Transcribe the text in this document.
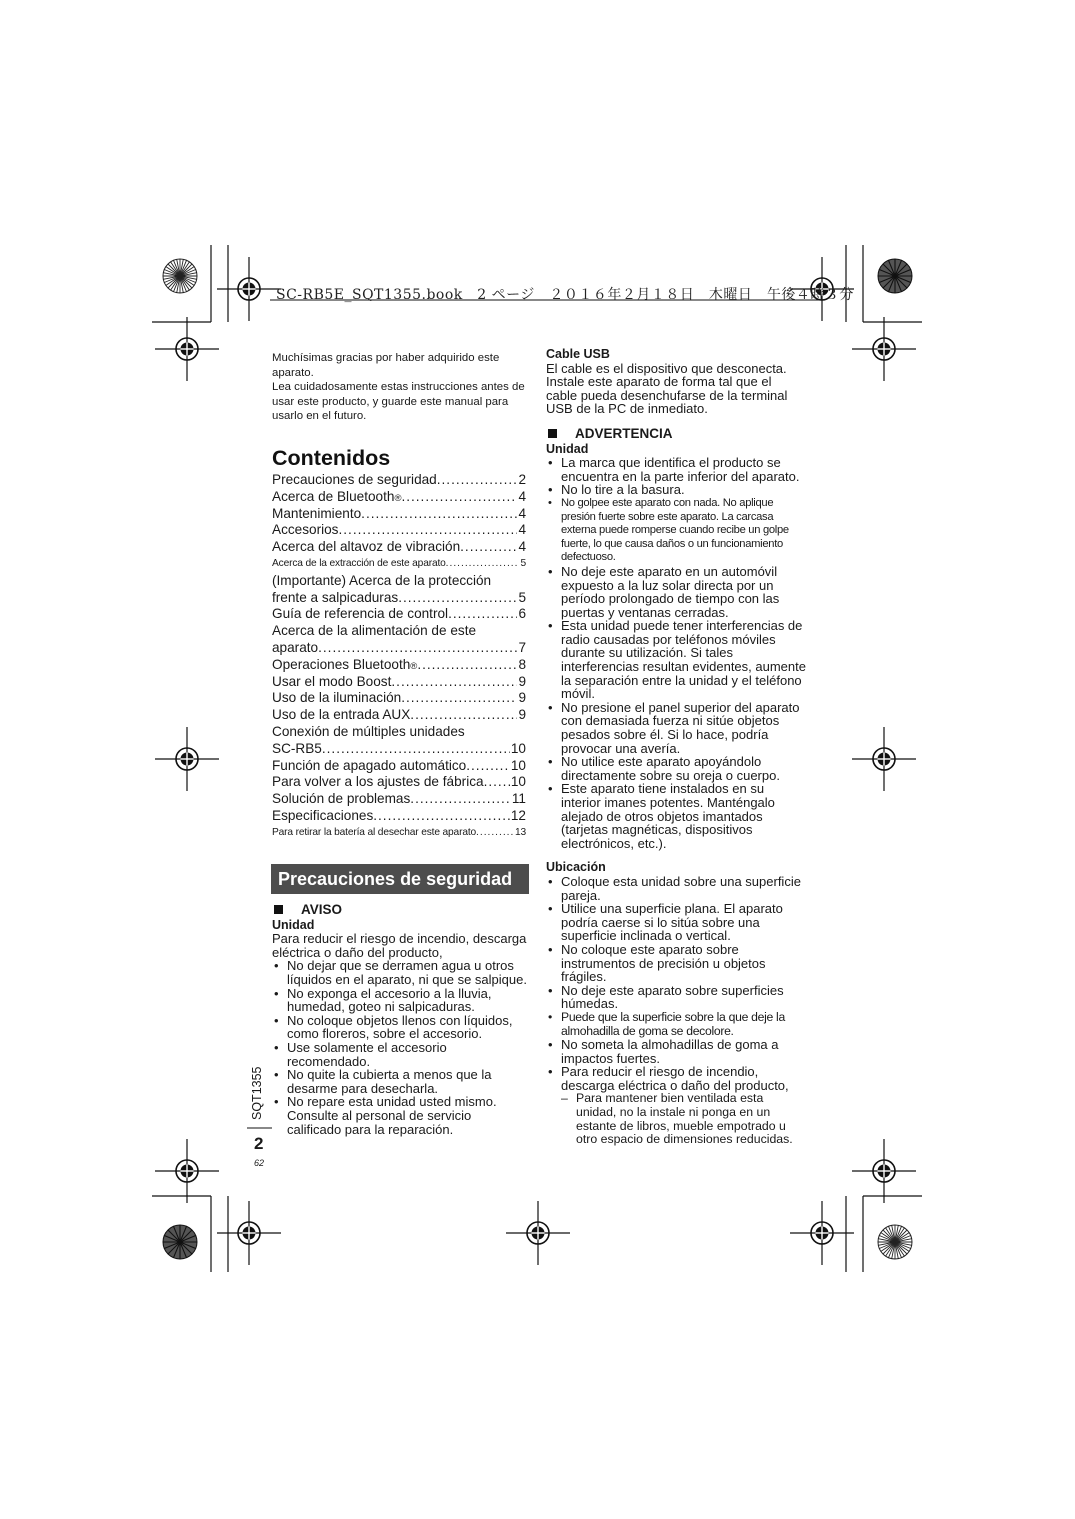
SC-RB5E_SQT1355.book　2 ページ　２０１６年２月１８日　木曜日　午後４時３分

Muchísimas gracias por haber adquirido este aparato.

Lea cuidadosamente estas instrucciones antes de usar este producto, y guarde este manual para usarlo en el futuro.

Contenidos
Precauciones de seguridad .....	2
Acerca de Bluetooth ® .....	4
Mantenimiento .....	4
Accesorios .....	4
Acerca del altavoz de vibración .....	4
Acerca de la extracción de este aparato .....	5
(Importante) Acerca de la protección
frente a salpicaduras .....	5
Guía de referencia de control .....	6
Acerca de la alimentación de este
aparato .....	7
Operaciones Bluetooth ® .....	8
Usar el modo Boost .....	9
Uso de la iluminación .....	9
Uso de la entrada AUX .....	9
Conexión de múltiples unidades
SC-RB5 .....	10
Función de apagado automático .....	10
Para volver a los ajustes de fábrica ..... 10
Solución de problemas .....	11
Especificaciones .....	12
Para retirar la batería al desechar este aparato .....	13
Precauciones de seguridad
AVISO
Unidad

Para reducir el riesgo de incendio, descarga eléctrica o daño del producto,

• No dejar que se derramen agua u otros líquidos en el aparato, ni que se salpique.
• No exponga el accesorio a la lluvia, humedad, goteo ni salpicaduras.
• No coloque objetos llenos con líquidos, como floreros, sobre el accesorio.
• Use solamente el accesorio recomendado.
• No quite la cubierta a menos que la desarme para desecharla.
• No repare esta unidad usted mismo. Consulte al personal de servicio calificado para la reparación.
Cable USB

El cable es el dispositivo que desconecta. Instale este aparato de forma tal que el cable pueda desenchufarse de la terminal USB de la PC de inmediato.

ADVERTENCIA
Unidad
• La marca que identifica el producto se encuentra en la parte inferior del aparato.
• No lo tire a la basura.
• No golpee este aparato con nada. No aplique presión fuerte sobre este aparato. La carcasa externa puede romperse cuando recibe un golpe fuerte, lo que causa daños o un funcionamiento defectuoso.
• No deje este aparato en un automóvil expuesto a la luz solar directa por un período prolongado de tiempo con las puertas y ventanas cerradas.
• Esta unidad puede tener interferencias de radio causadas por teléfonos móviles durante su utilización. Si tales interferencias resultan evidentes, aumente la separación entre la unidad y el teléfono móvil.
• No presione el panel superior del aparato con demasiada fuerza ni sitúe objetos pesados sobre él. Si lo hace, podría provocar una avería.
• No utilice este aparato apoyándolo directamente sobre su oreja o cuerpo.
• Este aparato tiene instalados en su interior imanes potentes. Manténgalo alejado de otros objetos imantados (tarjetas magnéticas, dispositivos electrónicos, etc.).
Ubicación
• Coloque esta unidad sobre una superficie pareja.
• Utilice una superficie plana. El aparato podría caerse si lo sitúa sobre una superficie inclinada o vertical.
• No coloque este aparato sobre instrumentos de precisión u objetos frágiles.
• No deje este aparato sobre superficies húmedas.
• Puede que la superficie sobre la que deje la almohadilla de goma se decolore.
• No someta la almohadillas de goma a impactos fuertes.
• Para reducir el riesgo de incendio, descarga eléctrica o daño del producto,
– Para mantener bien ventilada esta unidad, no la instale ni ponga en un estante de libros, mueble empotrado u otro espacio de dimensiones reducidas.
SQT1355
2
62
